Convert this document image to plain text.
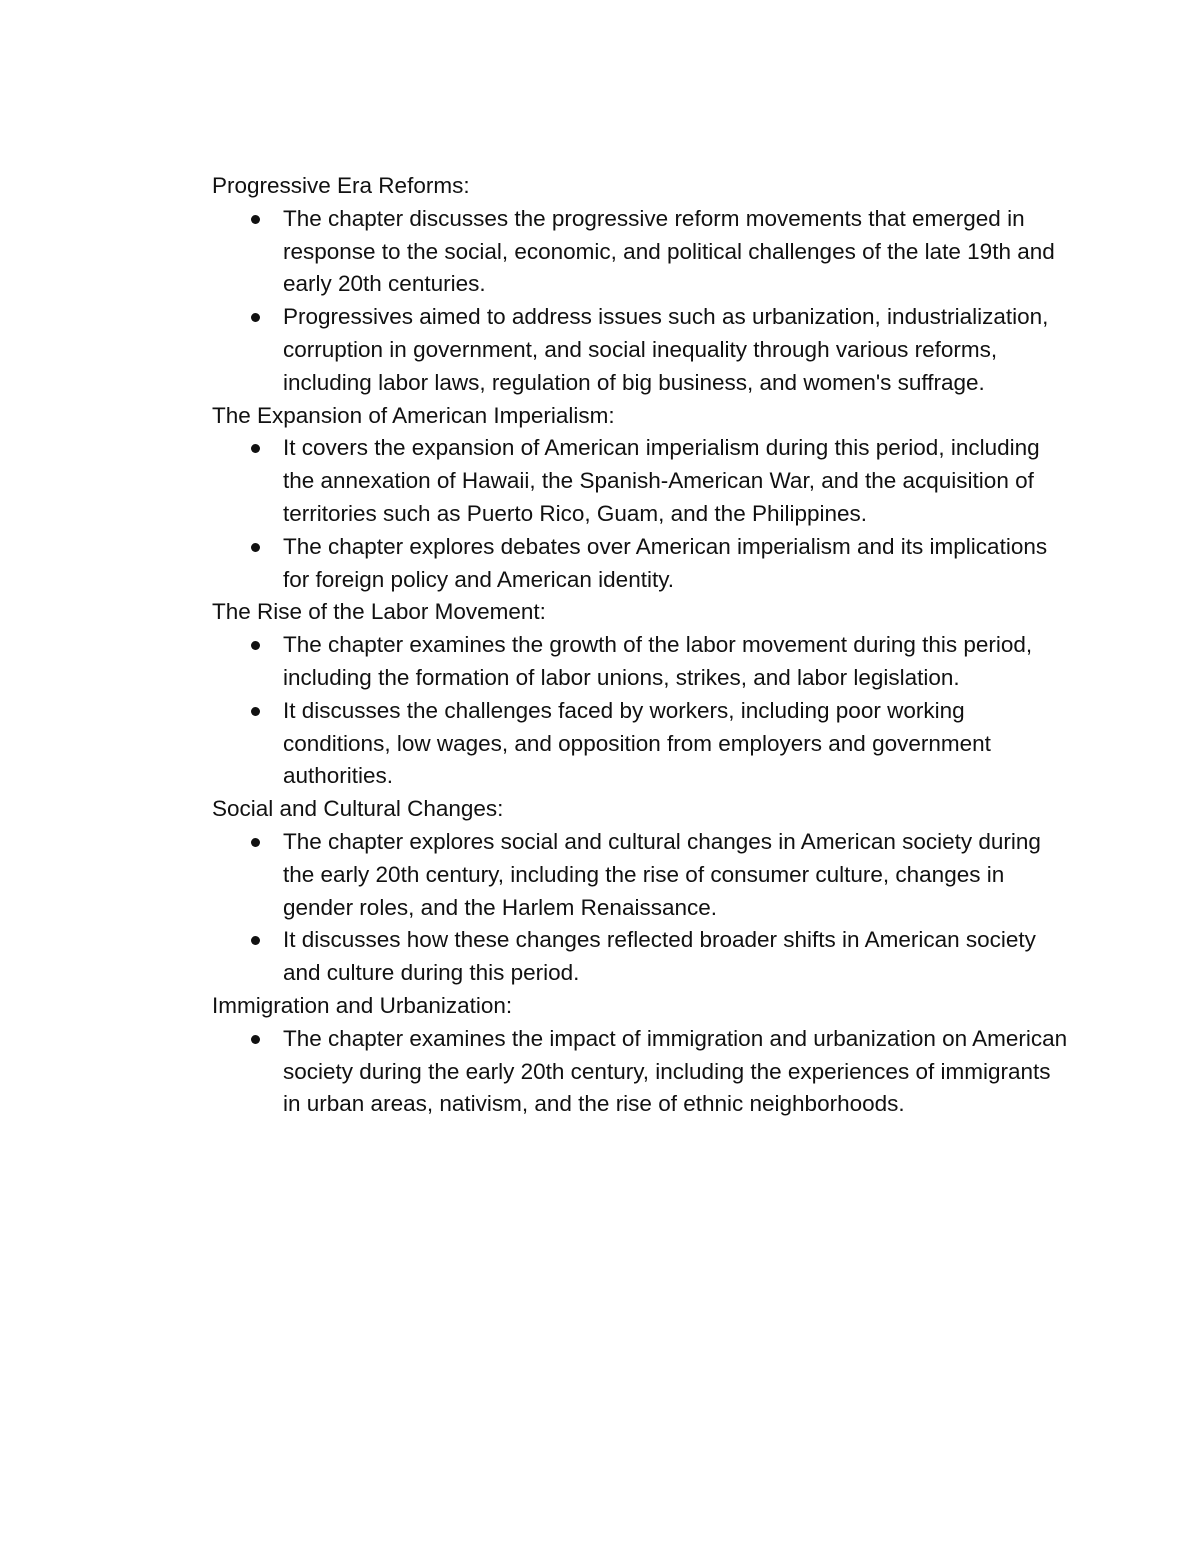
Progressive Era Reforms:

The chapter discusses the progressive reform movements that emerged in response to the social, economic, and political challenges of the late 19th and early 20th centuries.
Progressives aimed to address issues such as urbanization, industrialization, corruption in government, and social inequality through various reforms, including labor laws, regulation of big business, and women's suffrage.

The Expansion of American Imperialism:

It covers the expansion of American imperialism during this period, including the annexation of Hawaii, the Spanish-American War, and the acquisition of territories such as Puerto Rico, Guam, and the Philippines.
The chapter explores debates over American imperialism and its implications for foreign policy and American identity.

The Rise of the Labor Movement:

The chapter examines the growth of the labor movement during this period, including the formation of labor unions, strikes, and labor legislation.
It discusses the challenges faced by workers, including poor working conditions, low wages, and opposition from employers and government authorities.

Social and Cultural Changes:

The chapter explores social and cultural changes in American society during the early 20th century, including the rise of consumer culture, changes in gender roles, and the Harlem Renaissance.
It discusses how these changes reflected broader shifts in American society and culture during this period.

Immigration and Urbanization:

The chapter examines the impact of immigration and urbanization on American society during the early 20th century, including the experiences of immigrants in urban areas, nativism, and the rise of ethnic neighborhoods.
